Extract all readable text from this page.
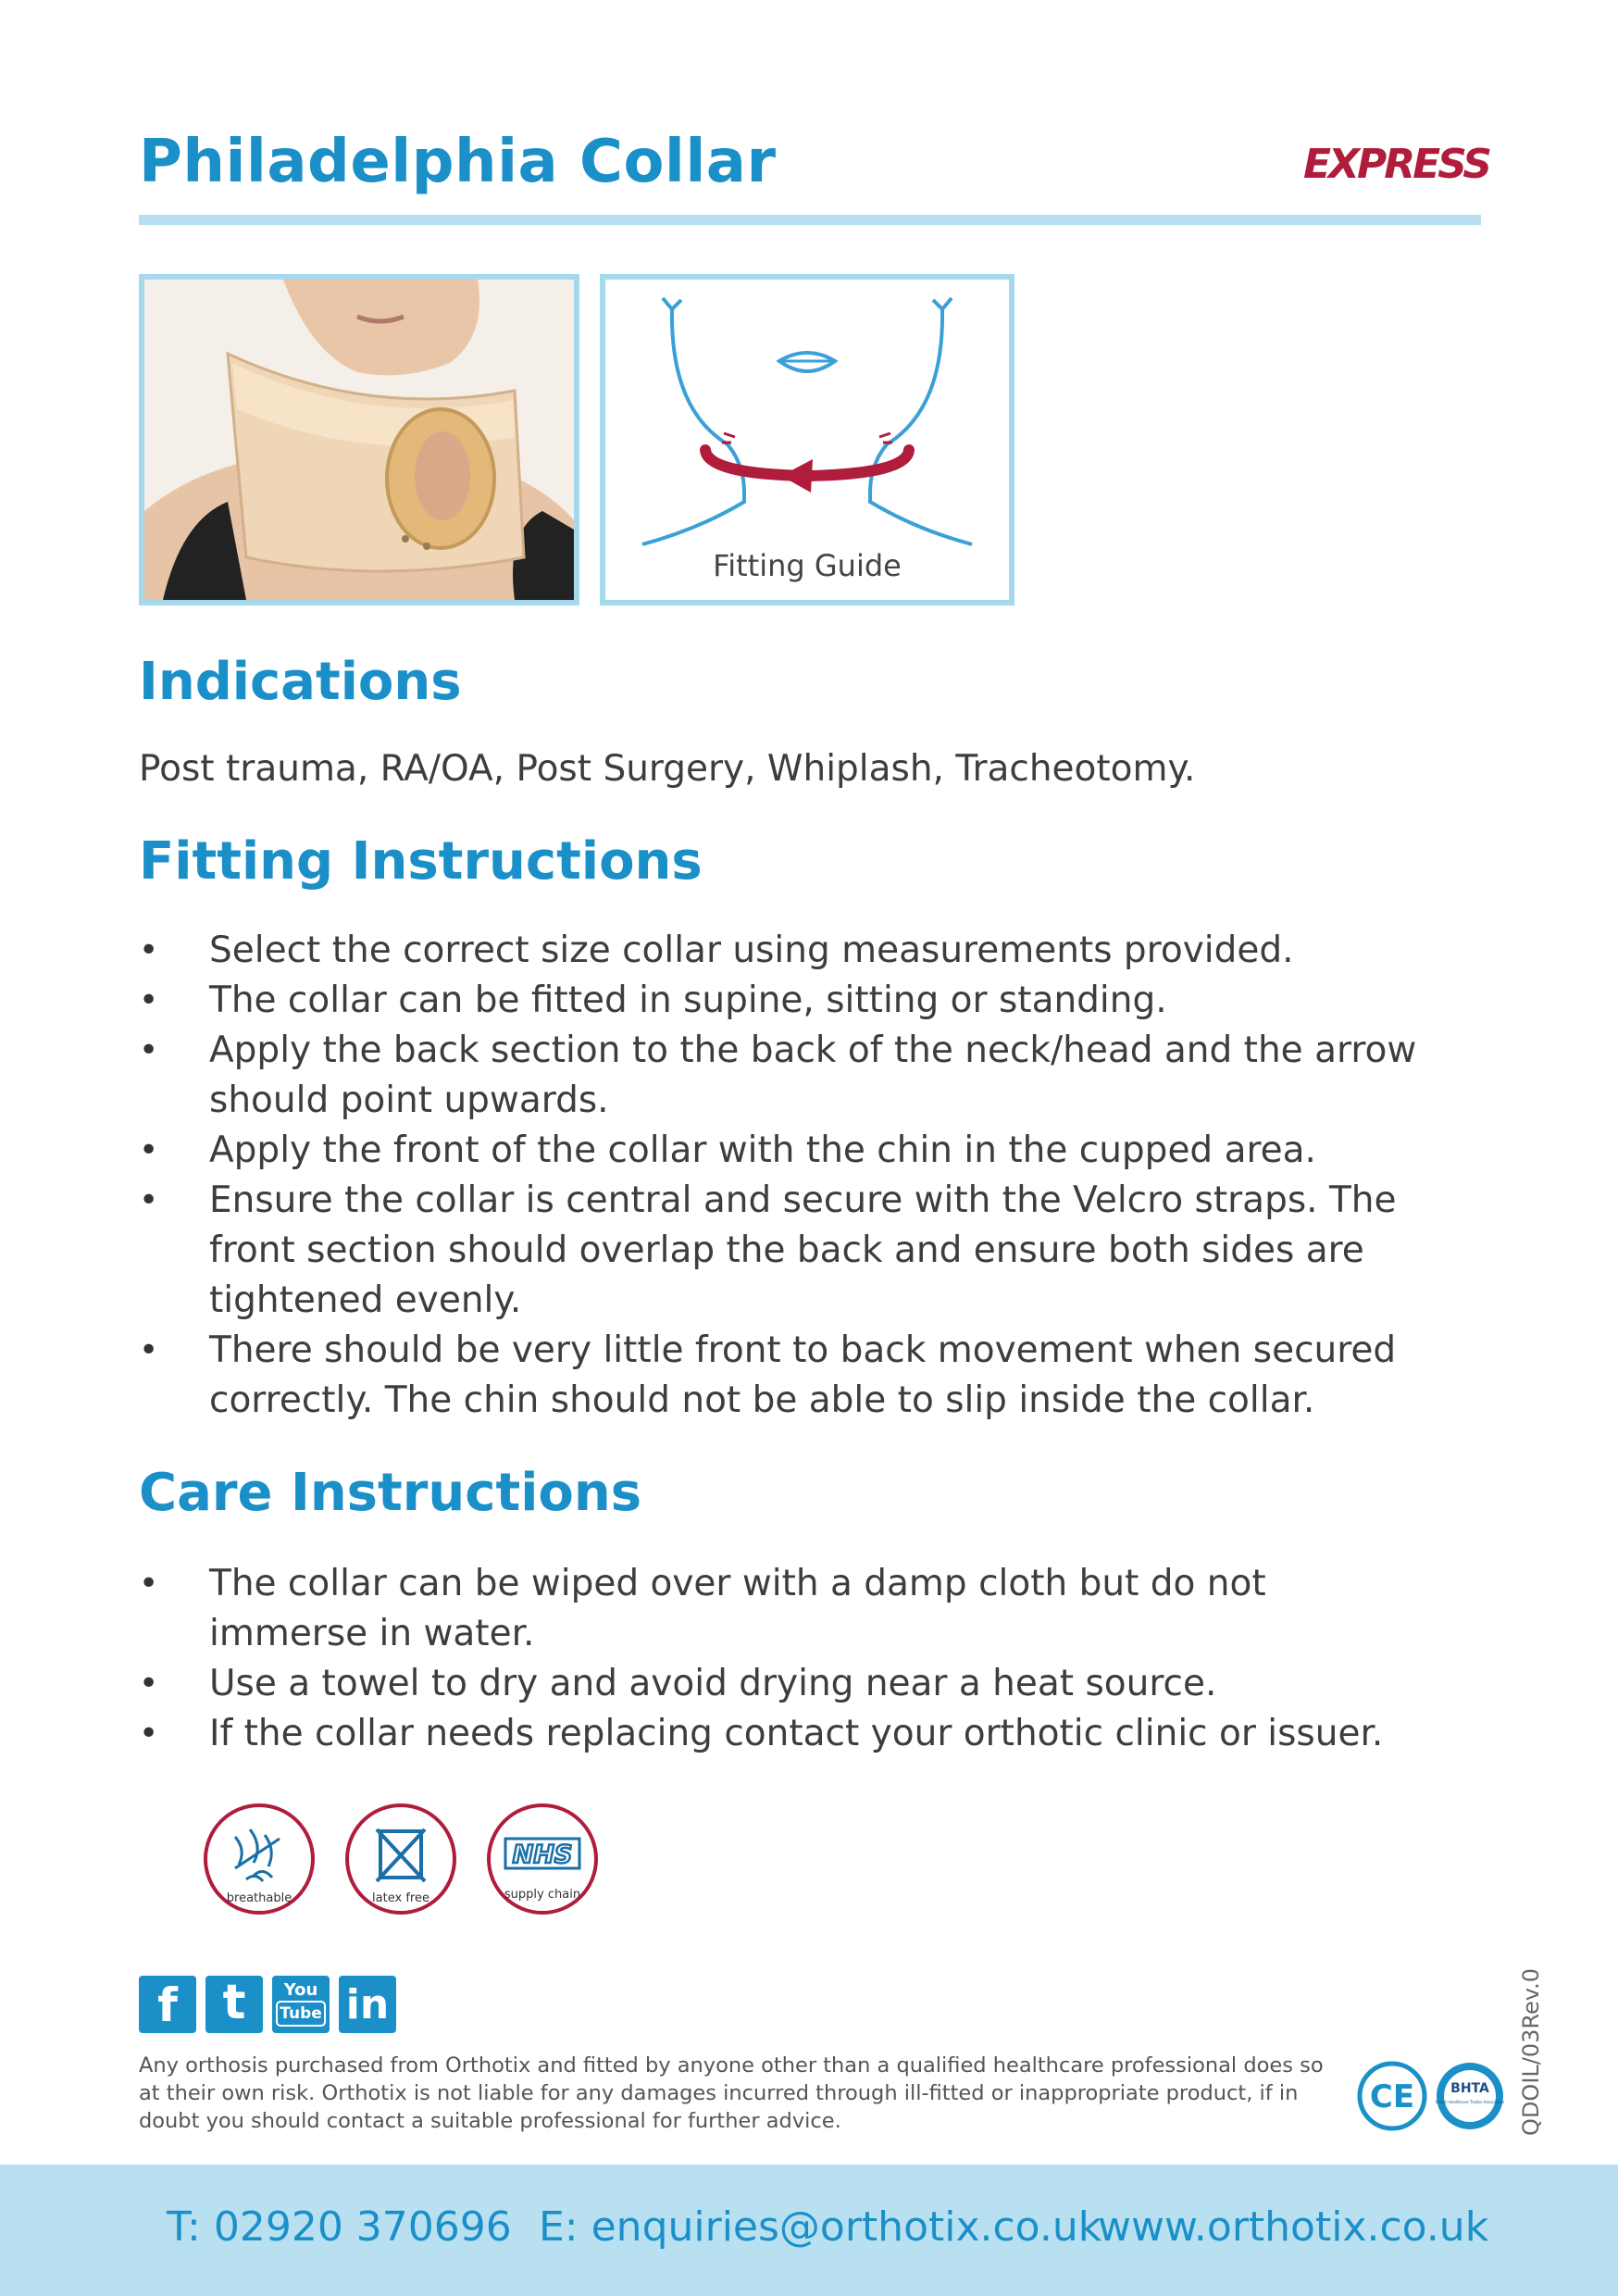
Philadelphia Collar	EXPRESS
Fitting Guide
Indications

Post trauma, RA/OA, Post Surgery, Whiplash, Tracheotomy.

Fitting Instructions
• Select the correct size collar using measurements provided.
• The collar can be fitted in supine, sitting or standing.
• Apply the back section to the back of the neck/head and the arrow should point upwards.
• Apply the front of the collar with the chin in the cupped area.
• Ensure the collar is central and secure with the Velcro straps. The front section should overlap the back and ensure both sides are tightened evenly.
• There should be very little front to back movement when secured correctly. The chin should not be able to slip inside the collar.
Care Instructions
• The collar can be wiped over with a damp cloth but do not immerse in water.
• Use a towel to dry and avoid drying near a heat source.
• If the collar needs replacing contact your orthotic clinic or issuer.
breathable	latex free
NHS
supply chain
f t	You
Tube in
Any orthosis purchased from Orthotix and fitted by anyone other than a qualified healthcare professional does so at their own risk. Orthotix is not liable for any damages incurred through ill-fitted or inappropriate product, if in doubt you should contact a suitable professional for further advice.
CE	BHTA
British Healthcare Trades Association QDOIL/03Rev.0
T: 02920 370696 E: enquiries@orthotix.co.uk
www.orthotix.co.uk
